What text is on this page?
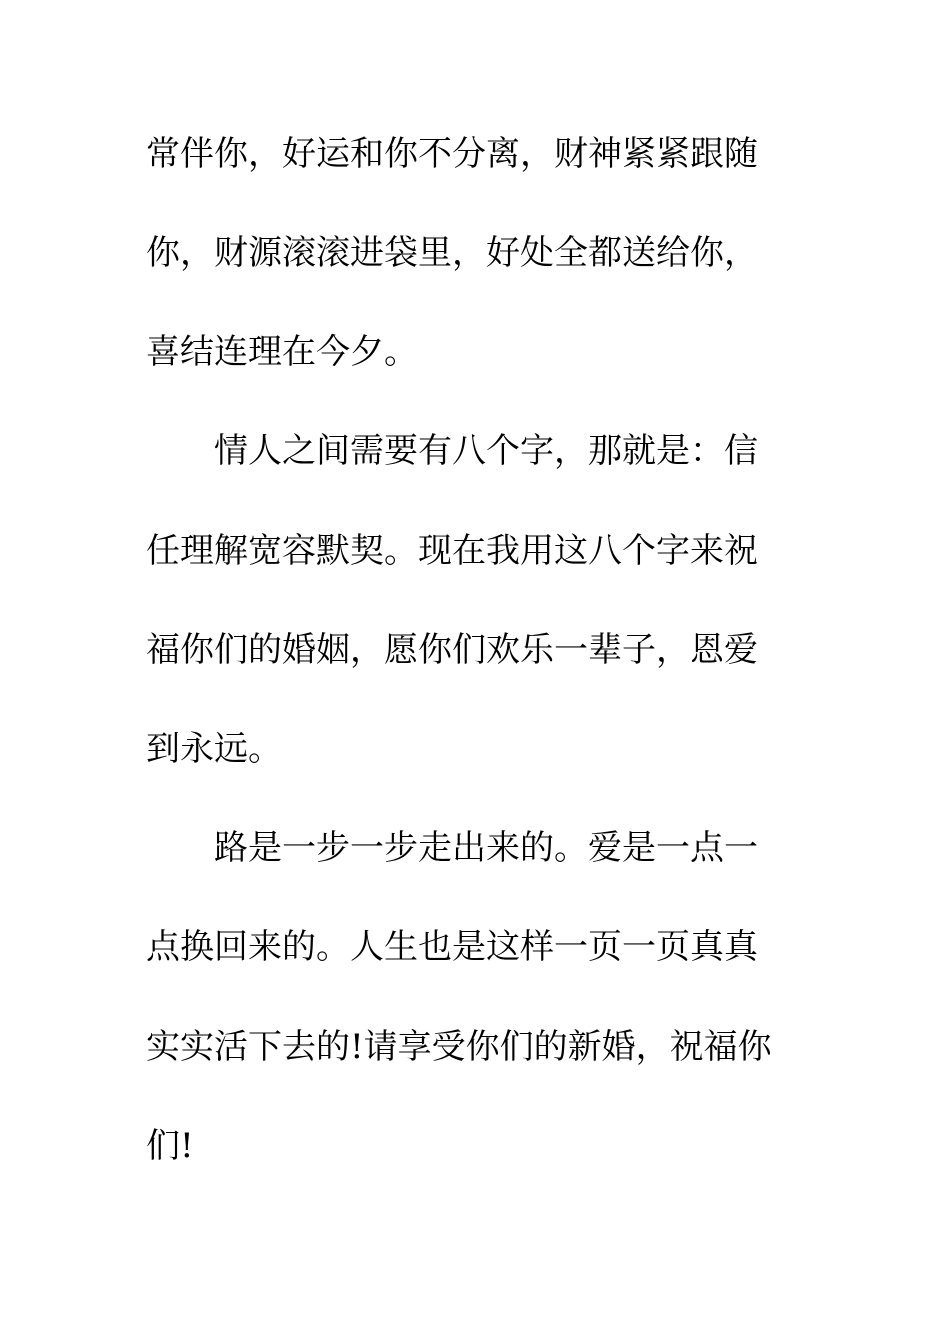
常伴你，好运和你不分离，财神紧紧跟随
你，财源滚滚进袋里，好处全都送给你，
喜结连理在今夕。
　　情人之间需要有八个字，那就是：信
任理解宽容默契。现在我用这八个字来祝
福你们的婚姻，愿你们欢乐一辈子，恩爱
到永远。
　　路是一步一步走出来的。爱是一点一
点换回来的。人生也是这样一页一页真真
实实活下去的!请享受你们的新婚，祝福你
们!
